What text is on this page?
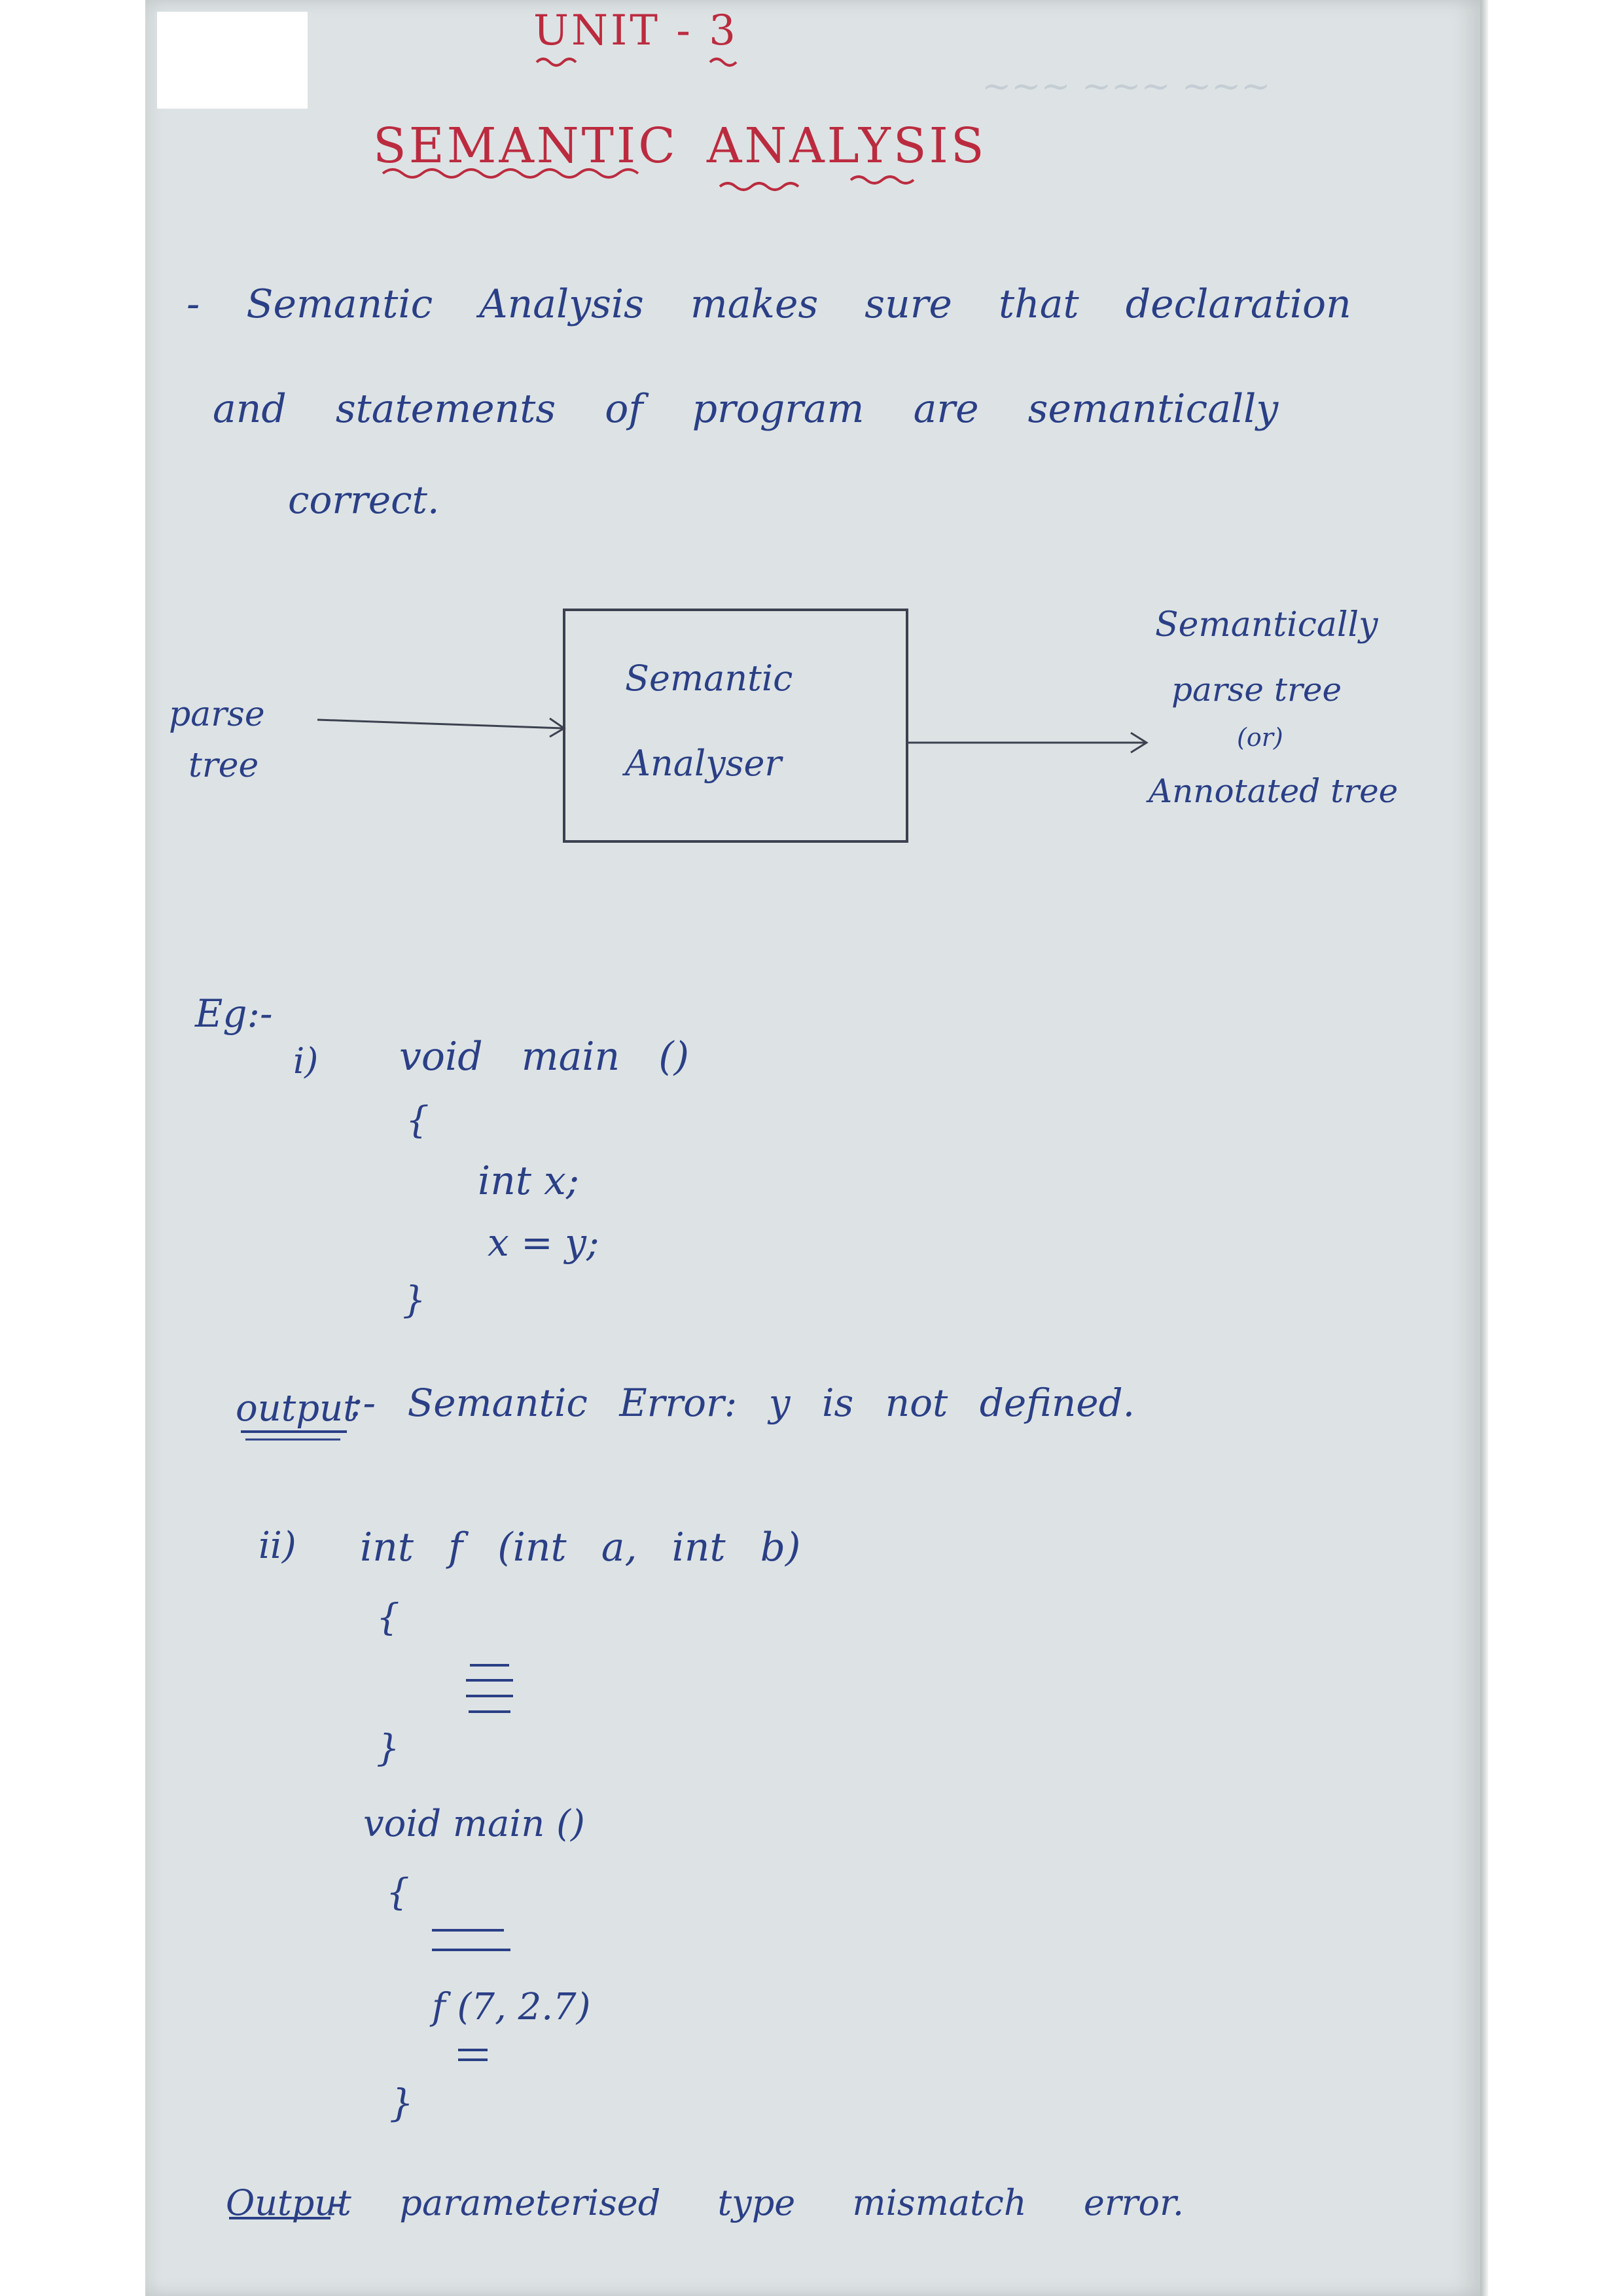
~~~ ~~~ ~~~
UNIT - 3
SEMANTIC ANALYSIS
- Semantic Analysis makes sure that declaration
and statements of program are semantically
correct.
parse
tree
Semantic
Analyser
Semantically
parse tree
(or)
Annotated tree
Eg:-
i) void main ()
{
int x;
x = y;
}
output
:- Semantic Error: y is not defined.
ii) int f (int a, int b)
{
}
void main ()
{
f (7, 2.7)
}
Output
- parameterised type mismatch error.
